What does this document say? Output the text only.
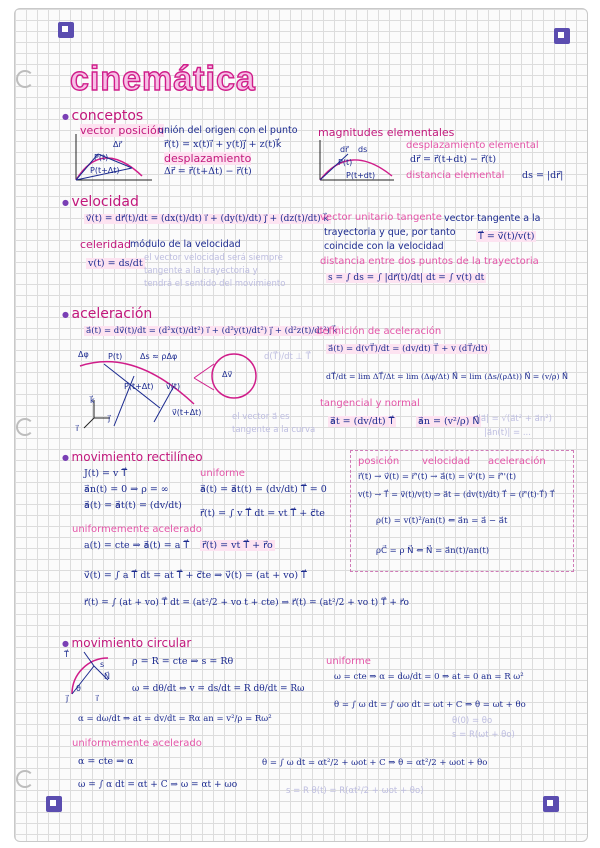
cinemática
● conceptos
vector posición
unión del origen con el punto
r⃗(t) = x(t)i⃗ + y(t)j⃗ + z(t)k⃗
desplazamiento
Δr⃗ = r⃗(t+Δt) − r⃗(t)
Δr⃗
P(t)
P(t+Δt)
magnitudes elementales
dr⃗ ds
P(t)
P(t+dt)
desplazamiento elemental
dr⃗ = r⃗(t+dt) − r⃗(t)
distancia elemental ds = |dr⃗|
● velocidad
v⃗(t) = dr⃗(t)/dt = (dx(t)/dt) i⃗ + (dy(t)/dt) j⃗ + (dz(t)/dt) k⃗
celeridad módulo de la velocidad
v(t) = ds/dt el vector velocidad será siempre
tangente a la trayectoria y
tendrá el sentido del movimiento
vector unitario tangente vector tangente a la
trayectoria y que, por tanto
coincide con la velocidad
T⃗ = v⃗(t)/v(t)
distancia entre dos puntos de la trayectoria
s = ∫ ds = ∫ |dr⃗(t)/dt| dt = ∫ v(t) dt
● aceleración
a⃗(t) = dv⃗(t)/dt = (d²x(t)/dt²) i⃗ + (d²y(t)/dt²) j⃗ + (d²z(t)/dt²) k⃗
d(T⃗)/dt ⊥ T⃗
el vector a⃗ es
tangente a la curva
Δφ P(t) Δs ≈ ρΔφ
P(t+Δt)
Δv⃗
v⃗(t)
v⃗(t+Δt)
k⃗
j⃗
i⃗
definición de aceleración
a⃗(t) = d(vT⃗)/dt = (dv/dt) T⃗ + v (dT⃗/dt)
dT⃗/dt = lim ΔT⃗/Δt = lim (Δφ/Δt) N⃗ = lim (Δs/(ρΔt)) N⃗ = (v/ρ) N⃗
tangencial y normal
a⃗t = (dv/dt) T⃗ a⃗n = (v²/ρ) N⃗
|a⃗| = √(a⃗t² + a⃗n²)
|a⃗n(t)| = ...
● movimiento rectilíneo
J(t) = v T⃗
a⃗n(t) = 0 ⇒ ρ = ∞
a⃗(t) = a⃗t(t) = (dv/dt)
uniforme
a⃗(t) = a⃗t(t) = (dv/dt) T⃗ = 0
r⃗(t) = ∫ v T⃗ dt = vt T⃗ + c⃗te
r⃗(t) = vt T⃗ + r⃗o
uniformemente acelerado
a(t) = cte ⇒ a⃗(t) = a T⃗
v⃗(t) = ∫ a T⃗ dt = at T⃗ + c⃗te ⇒ v⃗(t) = (at + vo) T⃗
r⃗(t) = ∫ (at + vo) T⃗ dt = (at²/2 + vo t + cte) ⇒ r⃗(t) = (at²/2 + vo t) T⃗ + r⃗o
posición velocidad aceleración
r⃗(t) → v⃗(t) = r⃗'(t) → a⃗(t) = v⃗'(t) = r⃗''(t)
v(t) → T⃗ = v⃗(t)/v(t) ⇒ a⃗t = (dv(t)/dt) T⃗ = (r⃗'(t)·T⃗) T⃗
ρ(t) = v(t)²/an(t) ⇐ a⃗n = a⃗ − a⃗t
ρC⃗ = ρ N⃗ ⇐ N⃗ = a⃗n(t)/an(t)
● movimiento circular
T⃗
N⃗
θ
s
j⃗	i⃗
ρ = R = cte ⇒ s = Rθ
ω = dθ/dt ⇔ v = ds/dt = R dθ/dt = Rω
α = dω/dt ⇒ at = dv/dt = Rα an = v²/ρ = Rω²
uniforme
ω = cte ⇒ α = dω/dt = 0 ⇒ at = 0 an = R ω²
θ = ∫ ω dt = ∫ ωo dt = ωt + C ⇒ θ = ωt + θo
θ(0) = θo
s = R(ωt + θo)
uniformemente acelerado
α = cte ⇒ α
ω = ∫ α dt = αt + C ⇒ ω = αt + ωo
θ = ∫ ω dt = αt²/2 + ωot + C ⇒ θ = αt²/2 + ωot + θo
s = R θ(t) = R(αt²/2 + ωot + θo)
